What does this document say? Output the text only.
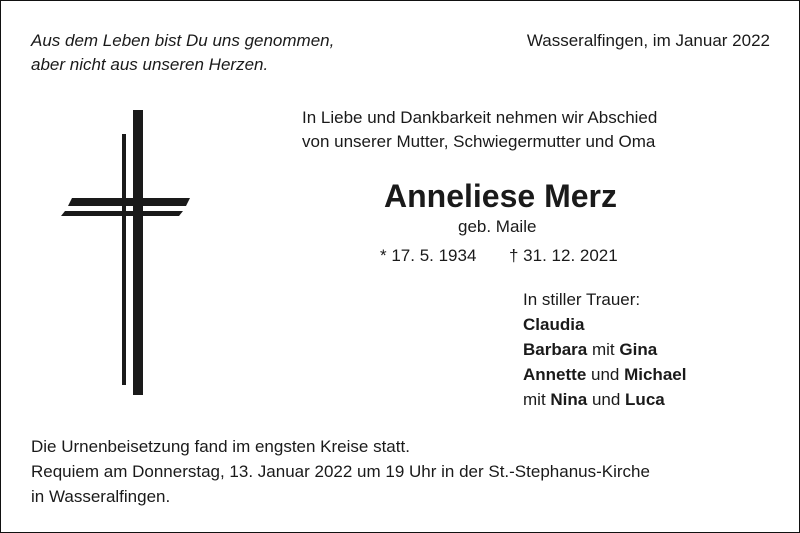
Aus dem Leben bist Du uns genommen,
aber nicht aus unseren Herzen.
Wasseralfingen, im Januar 2022
In Liebe und Dankbarkeit nehmen wir Abschied
von unserer Mutter, Schwiegermutter und Oma
Anneliese Merz
geb. Maile
* 17. 5. 1934 † 31. 12. 2021
In stiller Trauer:
Claudia
Barbara mit Gina
Annette und Michael
mit Nina und Luca
Die Urnenbeisetzung fand im engsten Kreise statt.
Requiem am Donnerstag, 13. Januar 2022 um 19 Uhr in der St.-Stephanus-Kirche
in Wasseralfingen.
